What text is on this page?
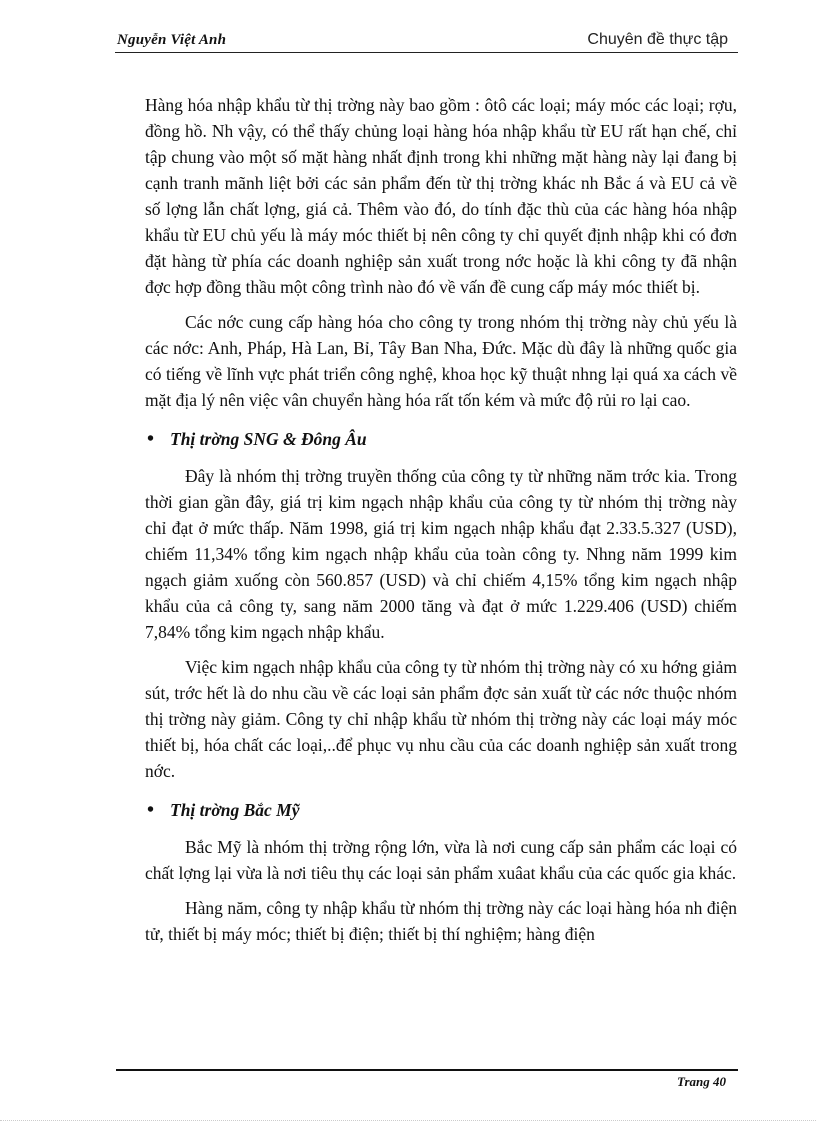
Nguyễn Việt Anh	Chuyên đề thực tập

Hàng hóa nhập khẩu từ thị trờng này bao gồm : ôtô các loại; máy móc các loại; rợu, đồng hồ. Nh vậy, có thể thấy chủng loại hàng hóa nhập khẩu từ EU rất hạn chế, chỉ tập chung vào một số mặt hàng nhất định trong khi những mặt hàng này lại đang bị cạnh tranh mãnh liệt bởi các sản phẩm đến từ thị trờng khác nh Bắc á và EU cả về số lợng lẫn chất lợng, giá cả. Thêm vào đó, do tính đặc thù của các hàng hóa nhập khẩu từ EU chủ yếu là máy móc thiết bị nên công ty chỉ quyết định nhập khi có đơn đặt hàng từ phía các doanh nghiệp sản xuất trong nớc hoặc là khi công ty đã nhận đợc hợp đồng thầu một công trình nào đó về vấn đề cung cấp máy móc thiết bị.

Các nớc cung cấp hàng hóa cho công ty trong nhóm thị trờng này chủ yếu là các nớc: Anh, Pháp, Hà Lan, Bỉ, Tây Ban Nha, Đức. Mặc dù đây là những quốc gia có tiếng về lĩnh vực phát triển công nghệ, khoa học kỹ thuật nhng lại quá xa cách về mặt địa lý nên việc vân chuyển hàng hóa rất tốn kém và mức độ rủi ro lại cao.

• Thị trờng SNG & Đông Âu

Đây là nhóm thị trờng truyền thống của công ty từ những năm trớc kia. Trong thời gian gần đây, giá trị kim ngạch nhập khẩu của công ty từ nhóm thị trờng này chỉ đạt ở mức thấp. Năm 1998, giá trị kim ngạch nhập khẩu đạt 2.33.5.327 (USD), chiếm 11,34% tổng kim ngạch nhập khẩu của toàn công ty. Nhng năm 1999 kim ngạch giảm xuống còn 560.857 (USD) và chỉ chiếm 4,15% tổng kim ngạch nhập khẩu của cả công ty, sang năm 2000 tăng và đạt ở mức 1.229.406 (USD) chiếm 7,84% tổng kim ngạch nhập khẩu.

Việc kim ngạch nhập khẩu của công ty từ nhóm thị trờng này có xu hớng giảm sút, trớc hết là do nhu cầu về các loại sản phẩm đợc sản xuất từ các nớc thuộc nhóm thị trờng này giảm. Công ty chỉ nhập khẩu từ nhóm thị trờng này các loại máy móc thiết bị, hóa chất các loại,..để phục vụ nhu cầu của các doanh nghiệp sản xuất trong nớc.

• Thị trờng Bắc Mỹ

Bắc Mỹ là nhóm thị trờng rộng lớn, vừa là nơi cung cấp sản phẩm các loại có chất lợng lại vừa là nơi tiêu thụ các loại sản phẩm xuâat khẩu của các quốc gia khác.

Hàng năm, công ty nhập khẩu từ nhóm thị trờng này các loại hàng hóa nh điện tử, thiết bị máy móc; thiết bị điện; thiết bị thí nghiệm; hàng điện

Trang 40
